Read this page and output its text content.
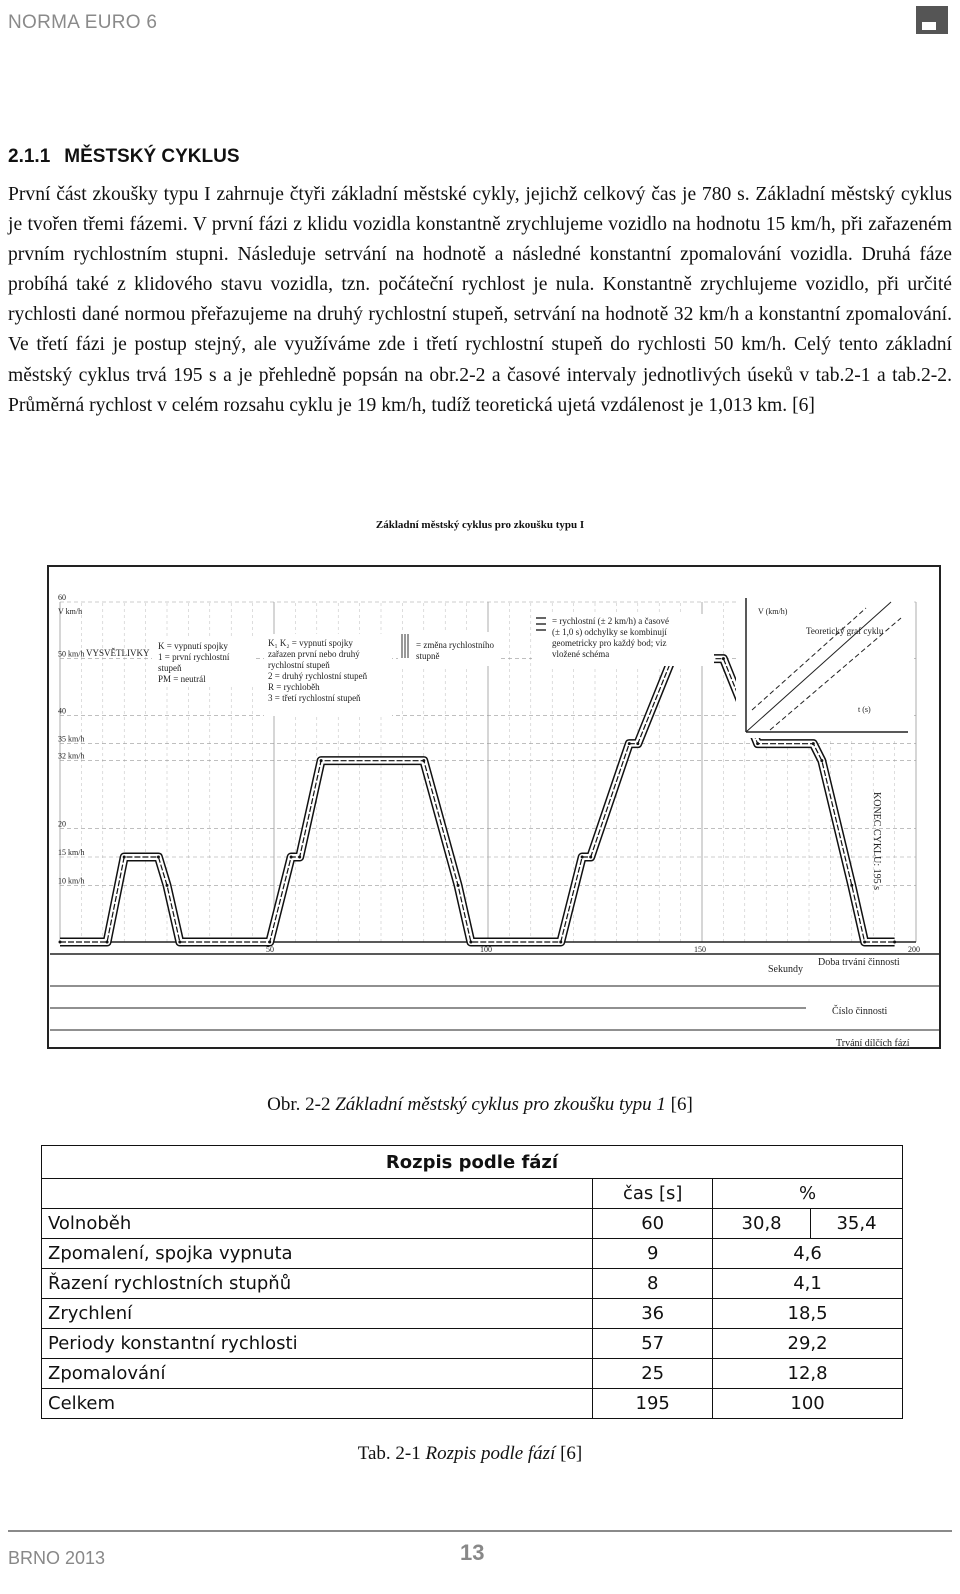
NORMA EURO 6
2.1.1 MĚSTSKÝ CYKLUS
První část zkoušky typu I zahrnuje čtyři základní městské cykly, jejichž celkový čas je 780 s. Základní městský cyklus je tvořen třemi fázemi. V první fázi z klidu vozidla konstantně zrychlujeme vozidlo na hodnotu 15 km/h, při zařazeném prvním rychlostním stupni. Následuje setrvání na hodnotě a následné konstantní zpomalování vozidla. Druhá fáze probíhá také z klidového stavu vozidla, tzn. počáteční rychlost je nula. Konstantně zrychlujeme vozidlo, při určité rychlosti dané normou přeřazujeme na druhý rychlostní stupeň, setrvání na hodnotě 32 km/h a konstantní zpomalování. Ve třetí fázi je postup stejný, ale využíváme zde i třetí rychlostní stupeň do rychlosti 50 km/h. Celý tento základní městský cyklus trvá 195 s a je přehledně popsán na obr.2-2 a časové intervaly jednotlivých úseků v tab.2-1 a tab.2-2. Průměrná rychlost v celém rozsahu cyklu je 19 km/h, tudíž teoretická ujetá vzdálenost je 1,013 km. [6]
Základní městský cyklus pro zkoušku typu I
60
50 km/h
40
35 km/h
32 km/h
20
15 km/h
10 km/h
V km/h
VYSVĚTLIVKY
K = vypnutí spojky
1 = první rychlostní
stupeň
PM = neutrál
K₁ K₂ = vypnutí spojky
zařazen první nebo druhý
rychlostní stupeň
2 = druhý rychlostní stupeň
R = rychloběh
3 = třetí rychlostní stupeň
= změna rychlostního
stupně
= rychlostní (± 2 km/h) a časové
(± 1,0 s) odchylky se kombinují
geometricky pro každý bod; viz
vložené schéma
V (km/h)
Teoretický graf cyklu
t (s)
KONEC CYKLU: 195 s
50	100	150	200
Sekundy
Doba trvání činnosti
Číslo činnosti
Trvání dílčích fází
Obr. 2-2 Základní městský cyklus pro zkoušku typu 1 [6]
Rozpis podle fází			
	čas [s]	%	
Volnoběh	60	30,8	35,4
Zpomalení, spojka vypnuta	9	4,6	
Řazení rychlostních stupňů	8	4,1	
Zrychlení	36	18,5	
Periody konstantní rychlosti	57	29,2	
Zpomalování	25	12,8	
Celkem	195	100	
Tab. 2-1 Rozpis podle fází [6]
BRNO 2013	13
